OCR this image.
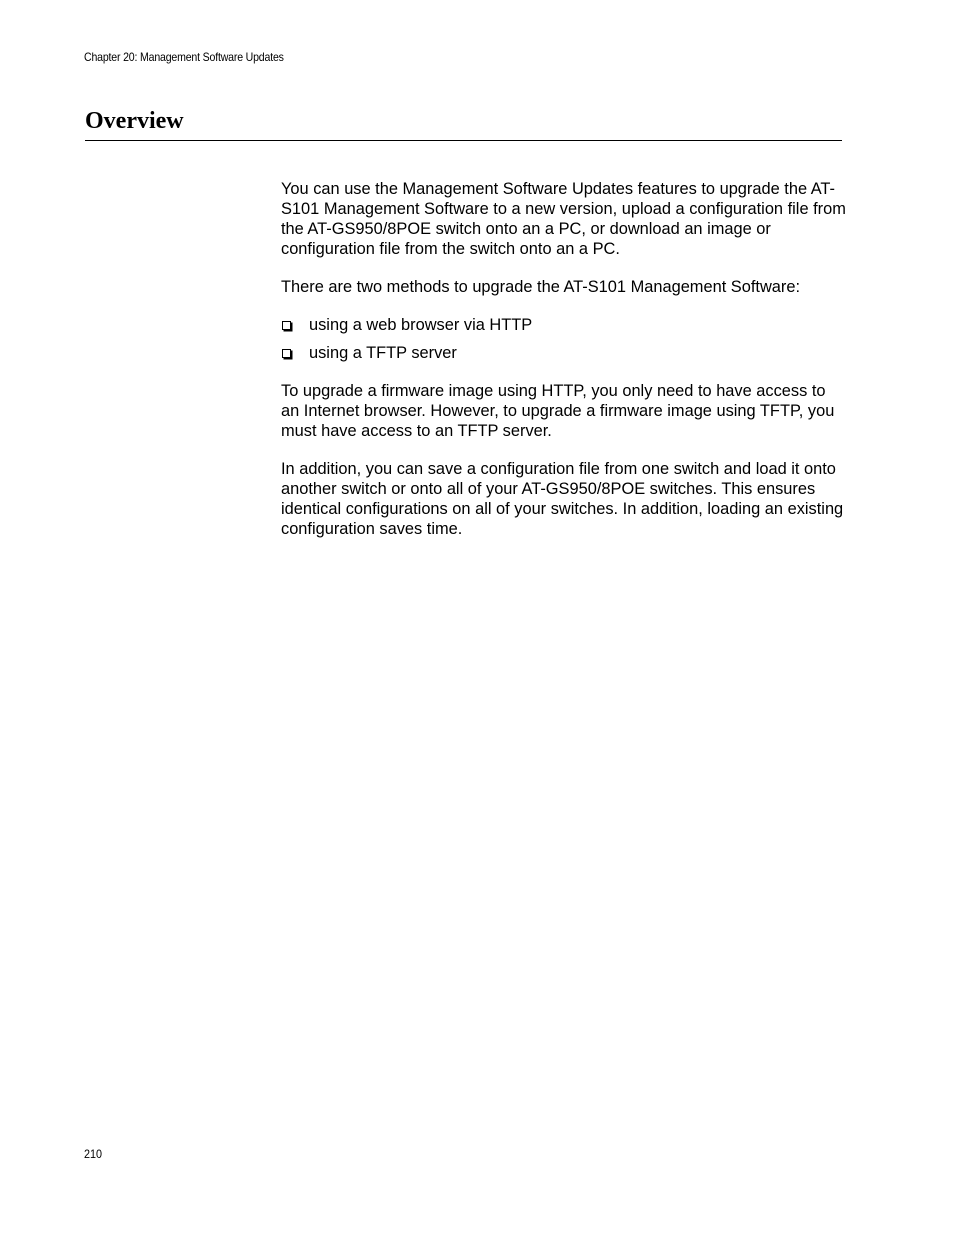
Chapter 20: Management Software Updates
Overview

You can use the Management Software Updates features to upgrade the AT-S101 Management Software to a new version, upload a configuration file from the AT-GS950/8POE switch onto an a PC, or download an image or configuration file from the switch onto an a PC.

There are two methods to upgrade the AT-S101 Management Software:

using a web browser via HTTP
using a TFTP server

To upgrade a firmware image using HTTP, you only need to have access to an Internet browser. However, to upgrade a firmware image using TFTP, you must have access to an TFTP server.

In addition, you can save a configuration file from one switch and load it onto another switch or onto all of your AT-GS950/8POE switches. This ensures identical configurations on all of your switches. In addition, loading an existing configuration saves time.

210
